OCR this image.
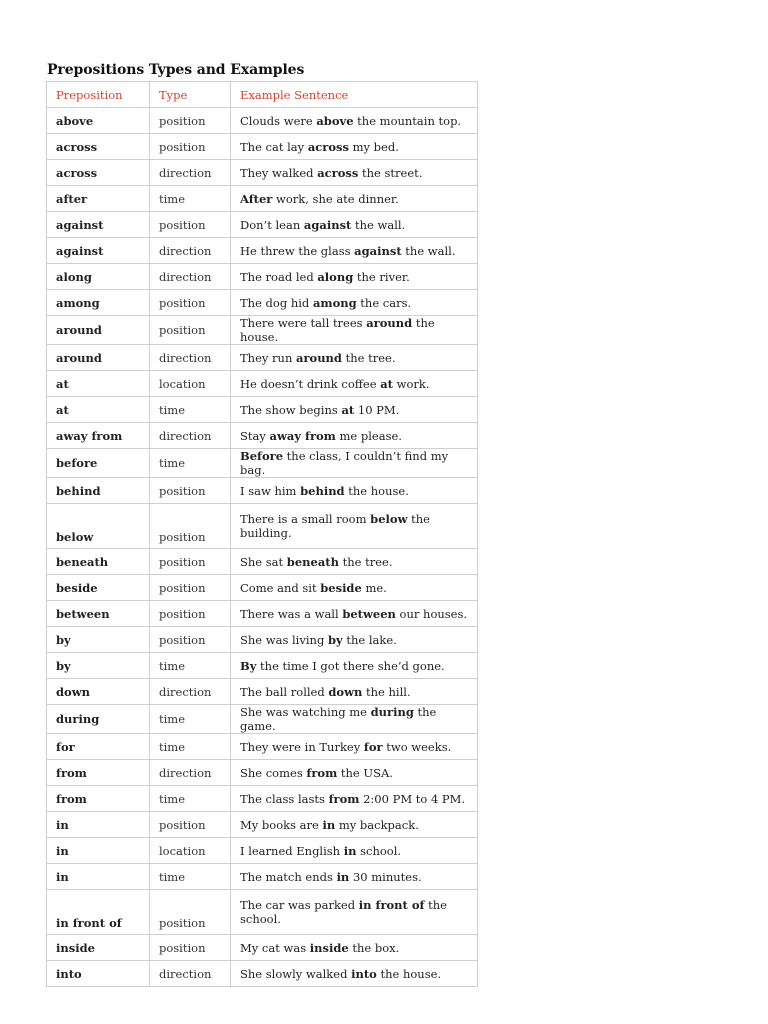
Prepositions Types and Examples
Preposition	Type	Example Sentence
above	position	Clouds were above the mountain top.
across	position	The cat lay across my bed.
across	direction	They walked across the street.
after	time	After work, she ate dinner.
against	position	Don’t lean against the wall.
against	direction	He threw the glass against the wall.
along	direction	The road led along the river.
among	position	The dog hid among the cars.
around	position	There were tall trees around the house.
around	direction	They run around the tree.
at	location	He doesn’t drink coffee at work.
at	time	The show begins at 10 PM.
away from	direction	Stay away from me please.
before	time	Before the class, I couldn’t find my bag.
behind	position	I saw him behind the house.
below	position	There is a small room below the building.
beneath	position	She sat beneath the tree.
beside	position	Come and sit beside me.
between	position	There was a wall between our houses.
by	position	She was living by the lake.
by	time	By the time I got there she’d gone.
down	direction	The ball rolled down the hill.
during	time	She was watching me during the game.
for	time	They were in Turkey for two weeks.
from	direction	She comes from the USA.
from	time	The class lasts from 2:00 PM to 4 PM.
in	position	My books are in my backpack.
in	location	I learned English in school.
in	time	The match ends in 30 minutes.
in front of	position	The car was parked in front of the school.
inside	position	My cat was inside the box.
into	direction	She slowly walked into the house.
